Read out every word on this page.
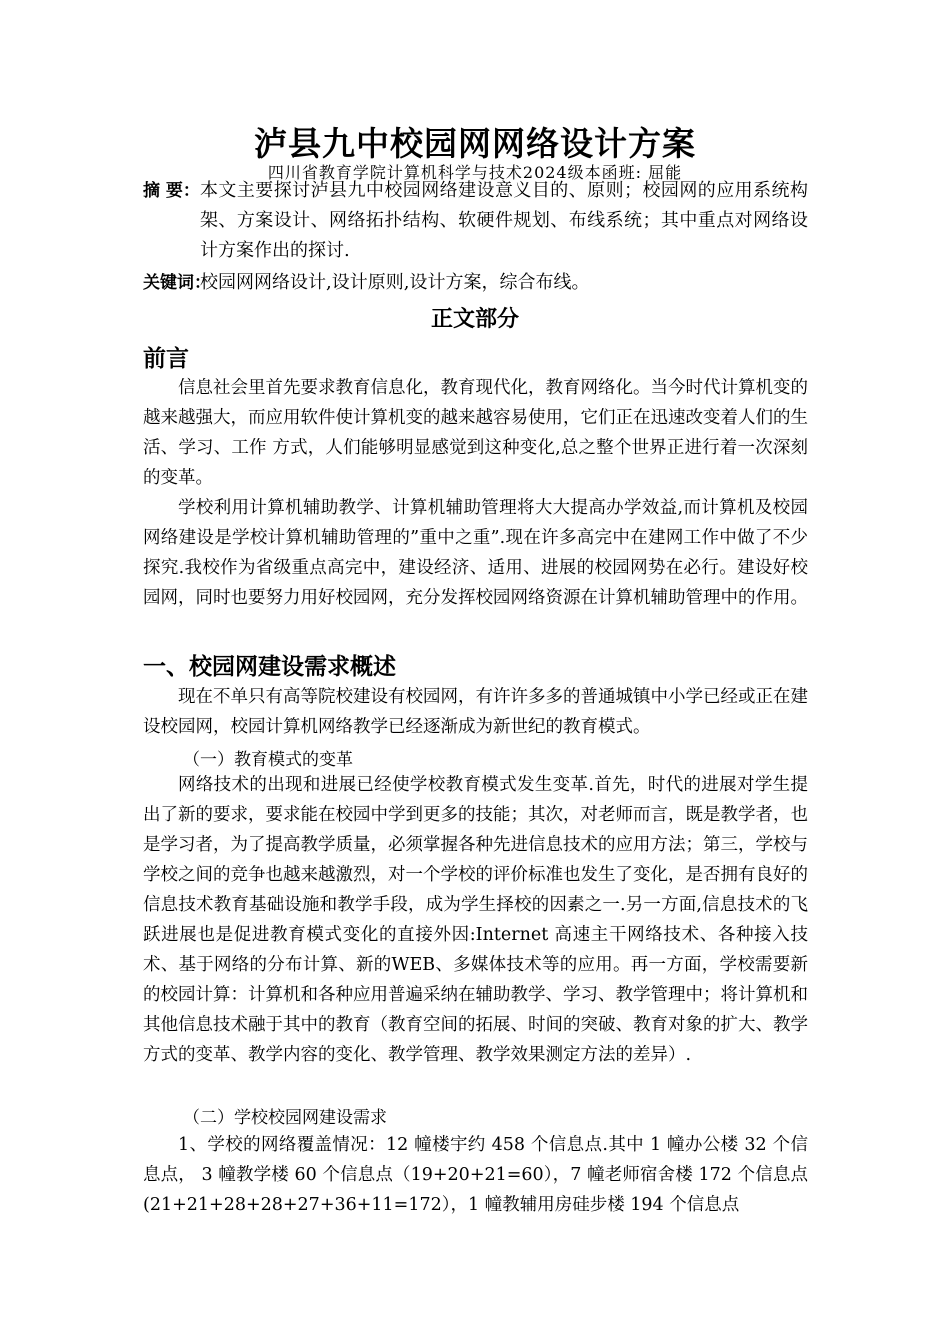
泸县九中校园网网络设计方案
四川省教育学院计算机科学与技术2024级本函班: 屈能
摘 要： 本文主要探讨泸县九中校园网络建设意义目的、原则；校园网的应用系统构架、方案设计、网络拓扑结构、软硬件规划、布线系统；其中重点对网络设计方案作出的探讨.
关键词：
校园网网络设计,设计原则,设计方案，综合布线。
正文部分
前言
信息社会里首先要求教育信息化，教育现代化，教育网络化。当今时代计算机变的越来越强大，而应用软件使计算机变的越来越容易使用，它们正在迅速改变着人们的生活、学习、工作 方式，人们能够明显感觉到这种变化,总之整个世界正进行着一次深刻的变革。
学校利用计算机辅助教学、计算机辅助管理将大大提高办学效益,而计算机及校园网络建设是学校计算机辅助管理的”重中之重”.现在许多高完中在建网工作中做了不少探究.我校作为省级重点高完中，建设经济、适用、进展的校园网势在必行。建设好校园网，同时也要努力用好校园网，充分发挥校园网络资源在计算机辅助管理中的作用。
一、校园网建设需求概述
现在不单只有高等院校建设有校园网，有许许多多的普通城镇中小学已经或正在建设校园网，校园计算机网络教学已经逐渐成为新世纪的教育模式。
（一）教育模式的变革
网络技术的出现和进展已经使学校教育模式发生变革.首先，时代的进展对学生提出了新的要求，要求能在校园中学到更多的技能；其次，对老师而言，既是教学者，也是学习者，为了提高教学质量，必须掌握各种先进信息技术的应用方法；第三，学校与学校之间的竞争也越来越激烈，对一个学校的评价标准也发生了变化，是否拥有良好的信息技术教育基础设施和教学手段，成为学生择校的因素之一.另一方面,信息技术的飞跃进展也是促进教育模式变化的直接外因:Internet 高速主干网络技术、各种接入技术、基于网络的分布计算、新的WEB、多媒体技术等的应用。再一方面，学校需要新的校园计算：计算机和各种应用普遍采纳在辅助教学、学习、教学管理中；将计算机和其他信息技术融于其中的教育（教育空间的拓展、时间的突破、教育对象的扩大、教学方式的变革、教学内容的变化、教学管理、教学效果测定方法的差异）.
（二）学校校园网建设需求
1、学校的网络覆盖情况：12 幢楼宇约 458 个信息点.其中 1 幢办公楼 32 个信息点， 3 幢教学楼 60 个信息点（19+20+21=60），7 幢老师宿舍楼 172 个信息点(21+21+28+28+27+36+11=172），1 幢教辅用房硅步楼 194 个信息点
